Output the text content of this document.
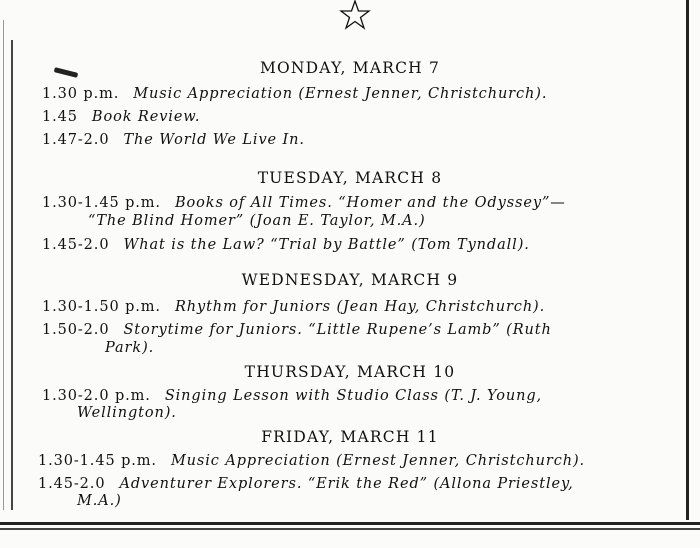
MONDAY, MARCH 7
1.30 p.m. Music Appreciation (Ernest Jenner, Christchurch).
1.45 Book Review.
1.47-2.0 The World We Live In.
TUESDAY, MARCH 8
1.30-1.45 p.m. Books of All Times. “Homer and the Odyssey”—
“The Blind Homer” (Joan E. Taylor, M.A.)
1.45-2.0 What is the Law? “Trial by Battle” (Tom Tyndall).
WEDNESDAY, MARCH 9
1.30-1.50 p.m. Rhythm for Juniors (Jean Hay, Christchurch).
1.50-2.0 Storytime for Juniors. “Little Rupene’s Lamb” (Ruth
Park).
THURSDAY, MARCH 10
1.30-2.0 p.m. Singing Lesson with Studio Class (T. J. Young,
Wellington).
FRIDAY, MARCH 11
1.30-1.45 p.m. Music Appreciation (Ernest Jenner, Christchurch).
1.45-2.0 Adventurer Explorers. “Erik the Red” (Allona Priestley,
M.A.)
